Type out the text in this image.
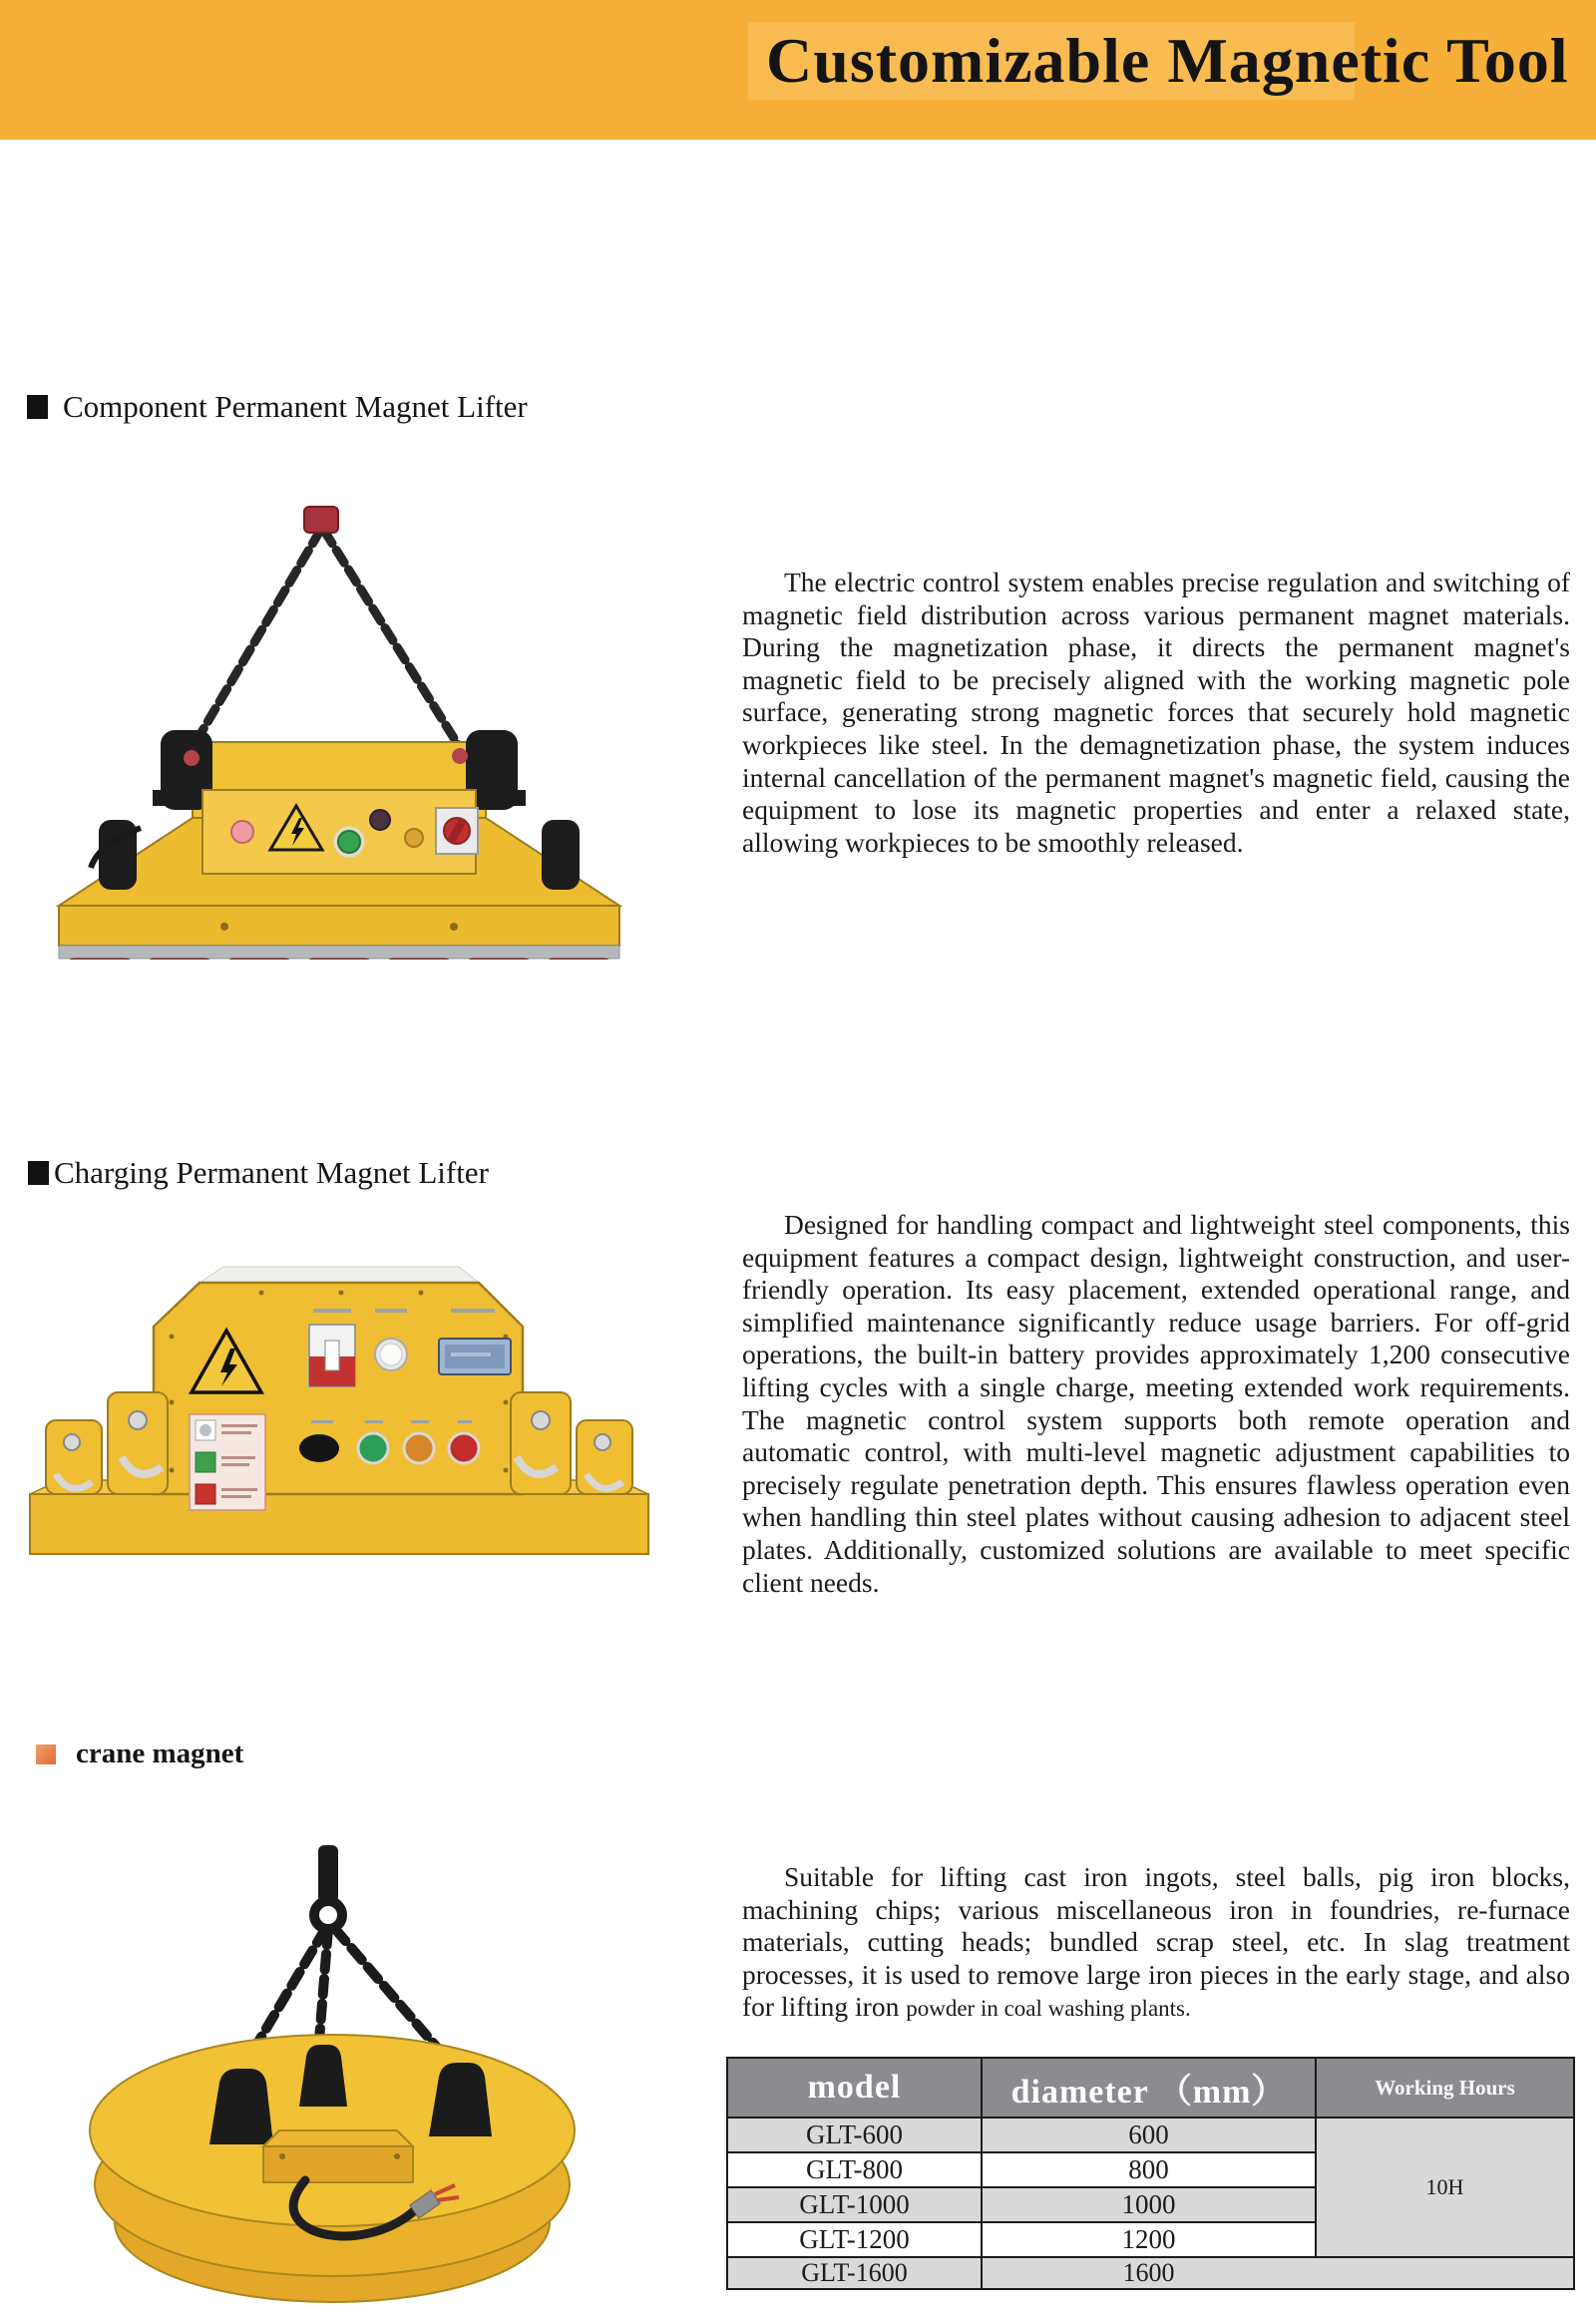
Customizable Magnetic Tool
Component Permanent Magnet Lifter

The electric control system enables precise regulation and switching of magnetic field distribution across various permanent magnet materials. During the magnetization phase, it directs the permanent magnet's magnetic field to be precisely aligned with the working magnetic pole surface, generating strong magnetic forces that securely hold magnetic workpieces like steel. In the demagnetization phase, the system induces internal cancellation of the permanent magnet's magnetic field, causing the equipment to lose its magnetic properties and enter a relaxed state, allowing workpieces to be smoothly released.

Charging Permanent Magnet Lifter

Designed for handling compact and lightweight steel components, this equipment features a compact design, lightweight construction, and user-friendly operation. Its easy placement, extended operational range, and simplified maintenance significantly reduce usage barriers. For off-grid operations, the built-in battery provides approximately 1,200 consecutive lifting cycles with a single charge, meeting extended work requirements. The magnetic control system supports both remote operation and automatic control, with multi-level magnetic adjustment capabilities to precisely regulate penetration depth. This ensures flawless operation even when handling thin steel plates without causing adhesion to adjacent steel plates. Additionally, customized solutions are available to meet specific client needs.

crane magnet

Suitable for lifting cast iron ingots, steel balls, pig iron blocks, machining chips; various miscellaneous iron in foundries, re-furnace materials, cutting heads; bundled scrap steel, etc. In slag treatment processes, it is used to remove large iron pieces in the early stage, and also for lifting iron powder in coal washing plants.

model	diameter （mm）	Working Hours
GLT-600	600	10H
GLT-800	800	
GLT-1000	1000	
GLT-1200	1200	
GLT-1600	1600	
